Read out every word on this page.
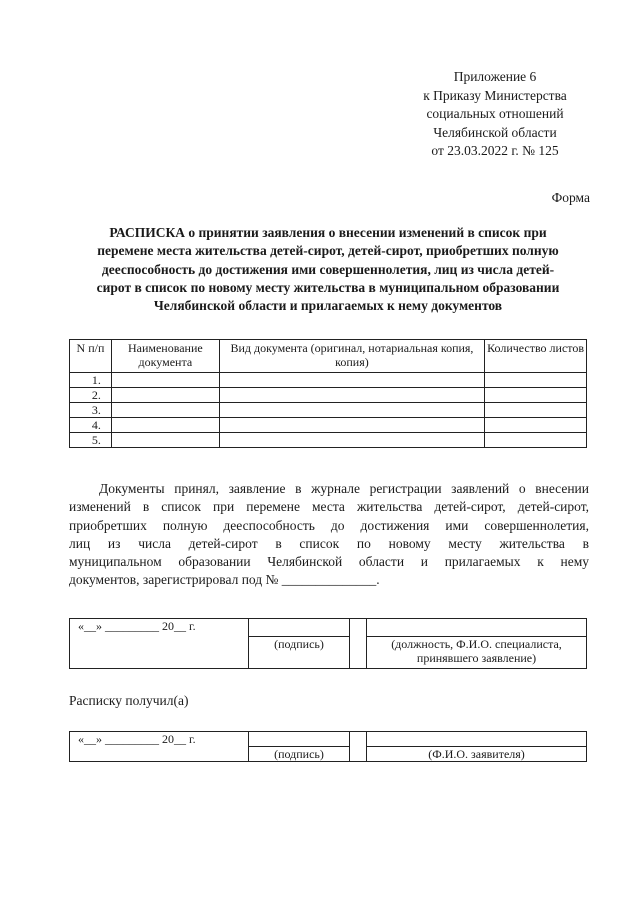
Приложение 6
к Приказу Министерства
социальных отношений
Челябинской области
от 23.03.2022 г. № 125
Форма
РАСПИСКА о принятии заявления о внесении изменений в список при
перемене места жительства детей-сирот, детей-сирот, приобретших полную
дееспособность до достижения ими совершеннолетия, лиц из числа детей-
сирот в список по новому месту жительства в муниципальном образовании
Челябинской области и прилагаемых к нему документов
N п/п	Наименование документа	Вид документа (оригинал, нотариальная копия, копия)	Количество листов
1.			
2.			
3.			
4.			
5.			
Документы принял, заявление в журнале регистрации заявлений о внесении
изменений в список при перемене места жительства детей-сирот, детей-сирот,
приобретших полную дееспособность до достижения ими совершеннолетия,
лиц из числа детей-сирот в список по новому месту жительства в
муниципальном образовании Челябинской области и прилагаемых к нему
документов, зарегистрировал под № ______________.
«__» _________ 20__ г.			
	(подпись)		(должность, Ф.И.О. специалиста, принявшего заявление)
Расписку получил(а)
«__» _________ 20__ г.			
	(подпись)		(Ф.И.О. заявителя)
